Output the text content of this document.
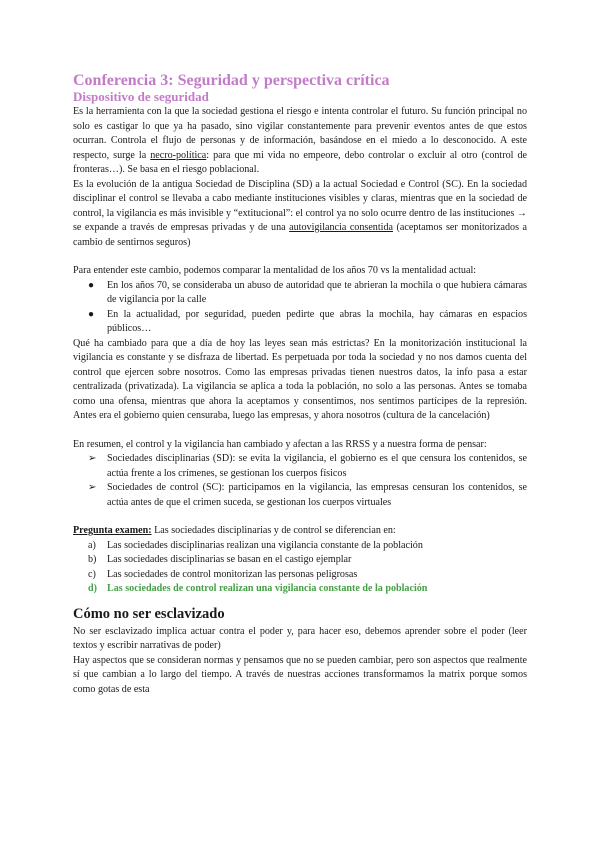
Conferencia 3: Seguridad y perspectiva crítica
Dispositivo de seguridad

Es la herramienta con la que la sociedad gestiona el riesgo e intenta controlar el futuro. Su función principal no solo es castigar lo que ya ha pasado, sino vigilar constantemente para prevenir eventos antes de que estos ocurran. Controla el flujo de personas y de información, basándose en el miedo a lo desconocido. A este respecto, surge la necro-política: para que mi vida no empeore, debo controlar o excluir al otro (control de fronteras…). Se basa en el riesgo poblacional.

Es la evolución de la antigua Sociedad de Disciplina (SD) a la actual Sociedad e Control (SC). En la sociedad disciplinar el control se llevaba a cabo mediante instituciones visibles y claras, mientras que en la sociedad de control, la vigilancia es más invisible y “extitucional”: el control ya no solo ocurre dentro de las instituciones → se expande a través de empresas privadas y de una autovigilancia consentida (aceptamos ser monitorizados a cambio de sentirnos seguros)

Para entender este cambio, podemos comparar la mentalidad de los años 70 vs la mentalidad actual:

● En los años 70, se consideraba un abuso de autoridad que te abrieran la mochila o que hubiera cámaras de vigilancia por la calle
● En la actualidad, por seguridad, pueden pedirte que abras la mochila, hay cámaras en espacios públicos…

Qué ha cambiado para que a día de hoy las leyes sean más estrictas? En la monitorización institucional la vigilancia es constante y se disfraza de libertad. Es perpetuada por toda la sociedad y no nos damos cuenta del control que ejercen sobre nosotros. Como las empresas privadas tienen nuestros datos, la info pasa a estar centralizada (privatizada). La vigilancia se aplica a toda la población, no solo a las personas. Antes se tomaba como una ofensa, mientras que ahora la aceptamos y consentimos, nos sentimos partícipes de la represión. Antes era el gobierno quien censuraba, luego las empresas, y ahora nosotros (cultura de la cancelación)

En resumen, el control y la vigilancia han cambiado y afectan a las RRSS y a nuestra forma de pensar:

➢ Sociedades disciplinarias (SD): se evita la vigilancia, el gobierno es el que censura los contenidos, se actúa frente a los crímenes, se gestionan los cuerpos físicos
➢ Sociedades de control (SC): participamos en la vigilancia, las empresas censuran los contenidos, se actúa antes de que el crimen suceda, se gestionan los cuerpos virtuales

Pregunta examen: Las sociedades disciplinarias y de control se diferencian en:

a) Las sociedades disciplinarias realizan una vigilancia constante de la población
b) Las sociedades disciplinarias se basan en el castigo ejemplar
c) Las sociedades de control monitorizan las personas peligrosas
d) Las sociedades de control realizan una vigilancia constante de la población
Cómo no ser esclavizado

No ser esclavizado implica actuar contra el poder y, para hacer eso, debemos aprender sobre el poder (leer textos y escribir narrativas de poder)

Hay aspectos que se consideran normas y pensamos que no se pueden cambiar, pero son aspectos que realmente sí que cambian a lo largo del tiempo. A través de nuestras acciones transformamos la matrix porque somos como gotas de esta
